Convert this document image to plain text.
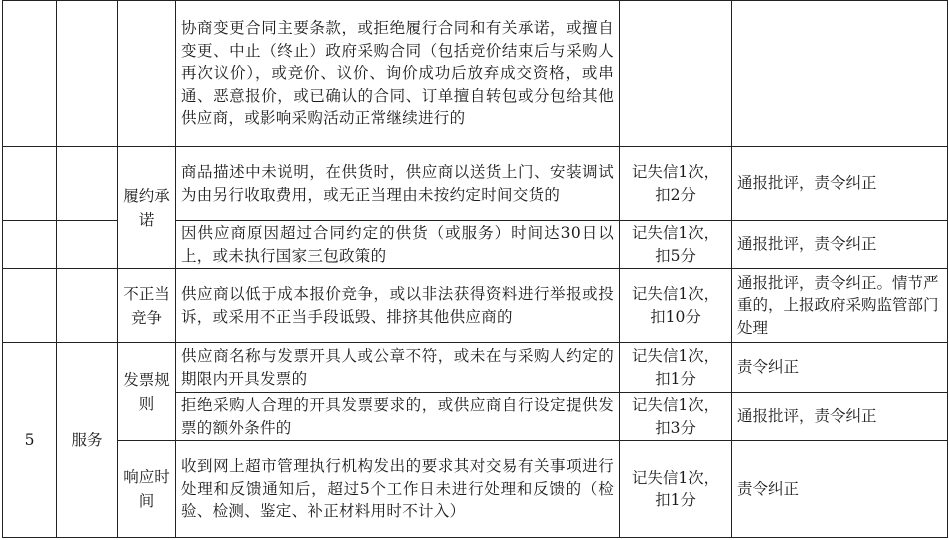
			协商变更合同主要条款，或拒绝履行合同和有关承诺，或擅自变更、中止（终止）政府采购合同（包括竞价结束后与采购人再次议价），或竞价、议价、询价成功后放弃成交资格，或串通、恶意报价，或已确认的合同、订单擅自转包或分包给其他供应商，或影响采购活动正常继续进行的		
		履约承诺	商品描述中未说明，在供货时，供应商以送货上门、安装调试为由另行收取费用，或无正当理由未按约定时间交货的	记失信1次，扣2分	通报批评，责令纠正
			因供应商原因超过合同约定的供货（或服务）时间达30日以上，或未执行国家三包政策的	记失信1次，扣5分	通报批评，责令纠正
		不正当竞争	供应商以低于成本报价竞争，或以非法获得资料进行举报或投诉，或采用不正当手段诋毁、排挤其他供应商的	记失信1次，扣10分	通报批评，责令纠正。情节严重的，上报政府采购监管部门处理
5	服务	发票规则	供应商名称与发票开具人或公章不符，或未在与采购人约定的期限内开具发票的	记失信1次，扣1分	责令纠正
			拒绝采购人合理的开具发票要求的，或供应商自行设定提供发票的额外条件的	记失信1次，扣3分	通报批评，责令纠正
		响应时间	收到网上超市管理执行机构发出的要求其对交易有关事项进行处理和反馈通知后，超过5个工作日未进行处理和反馈的（检验、检测、鉴定、补正材料用时不计入）	记失信1次，扣1分	责令纠正
